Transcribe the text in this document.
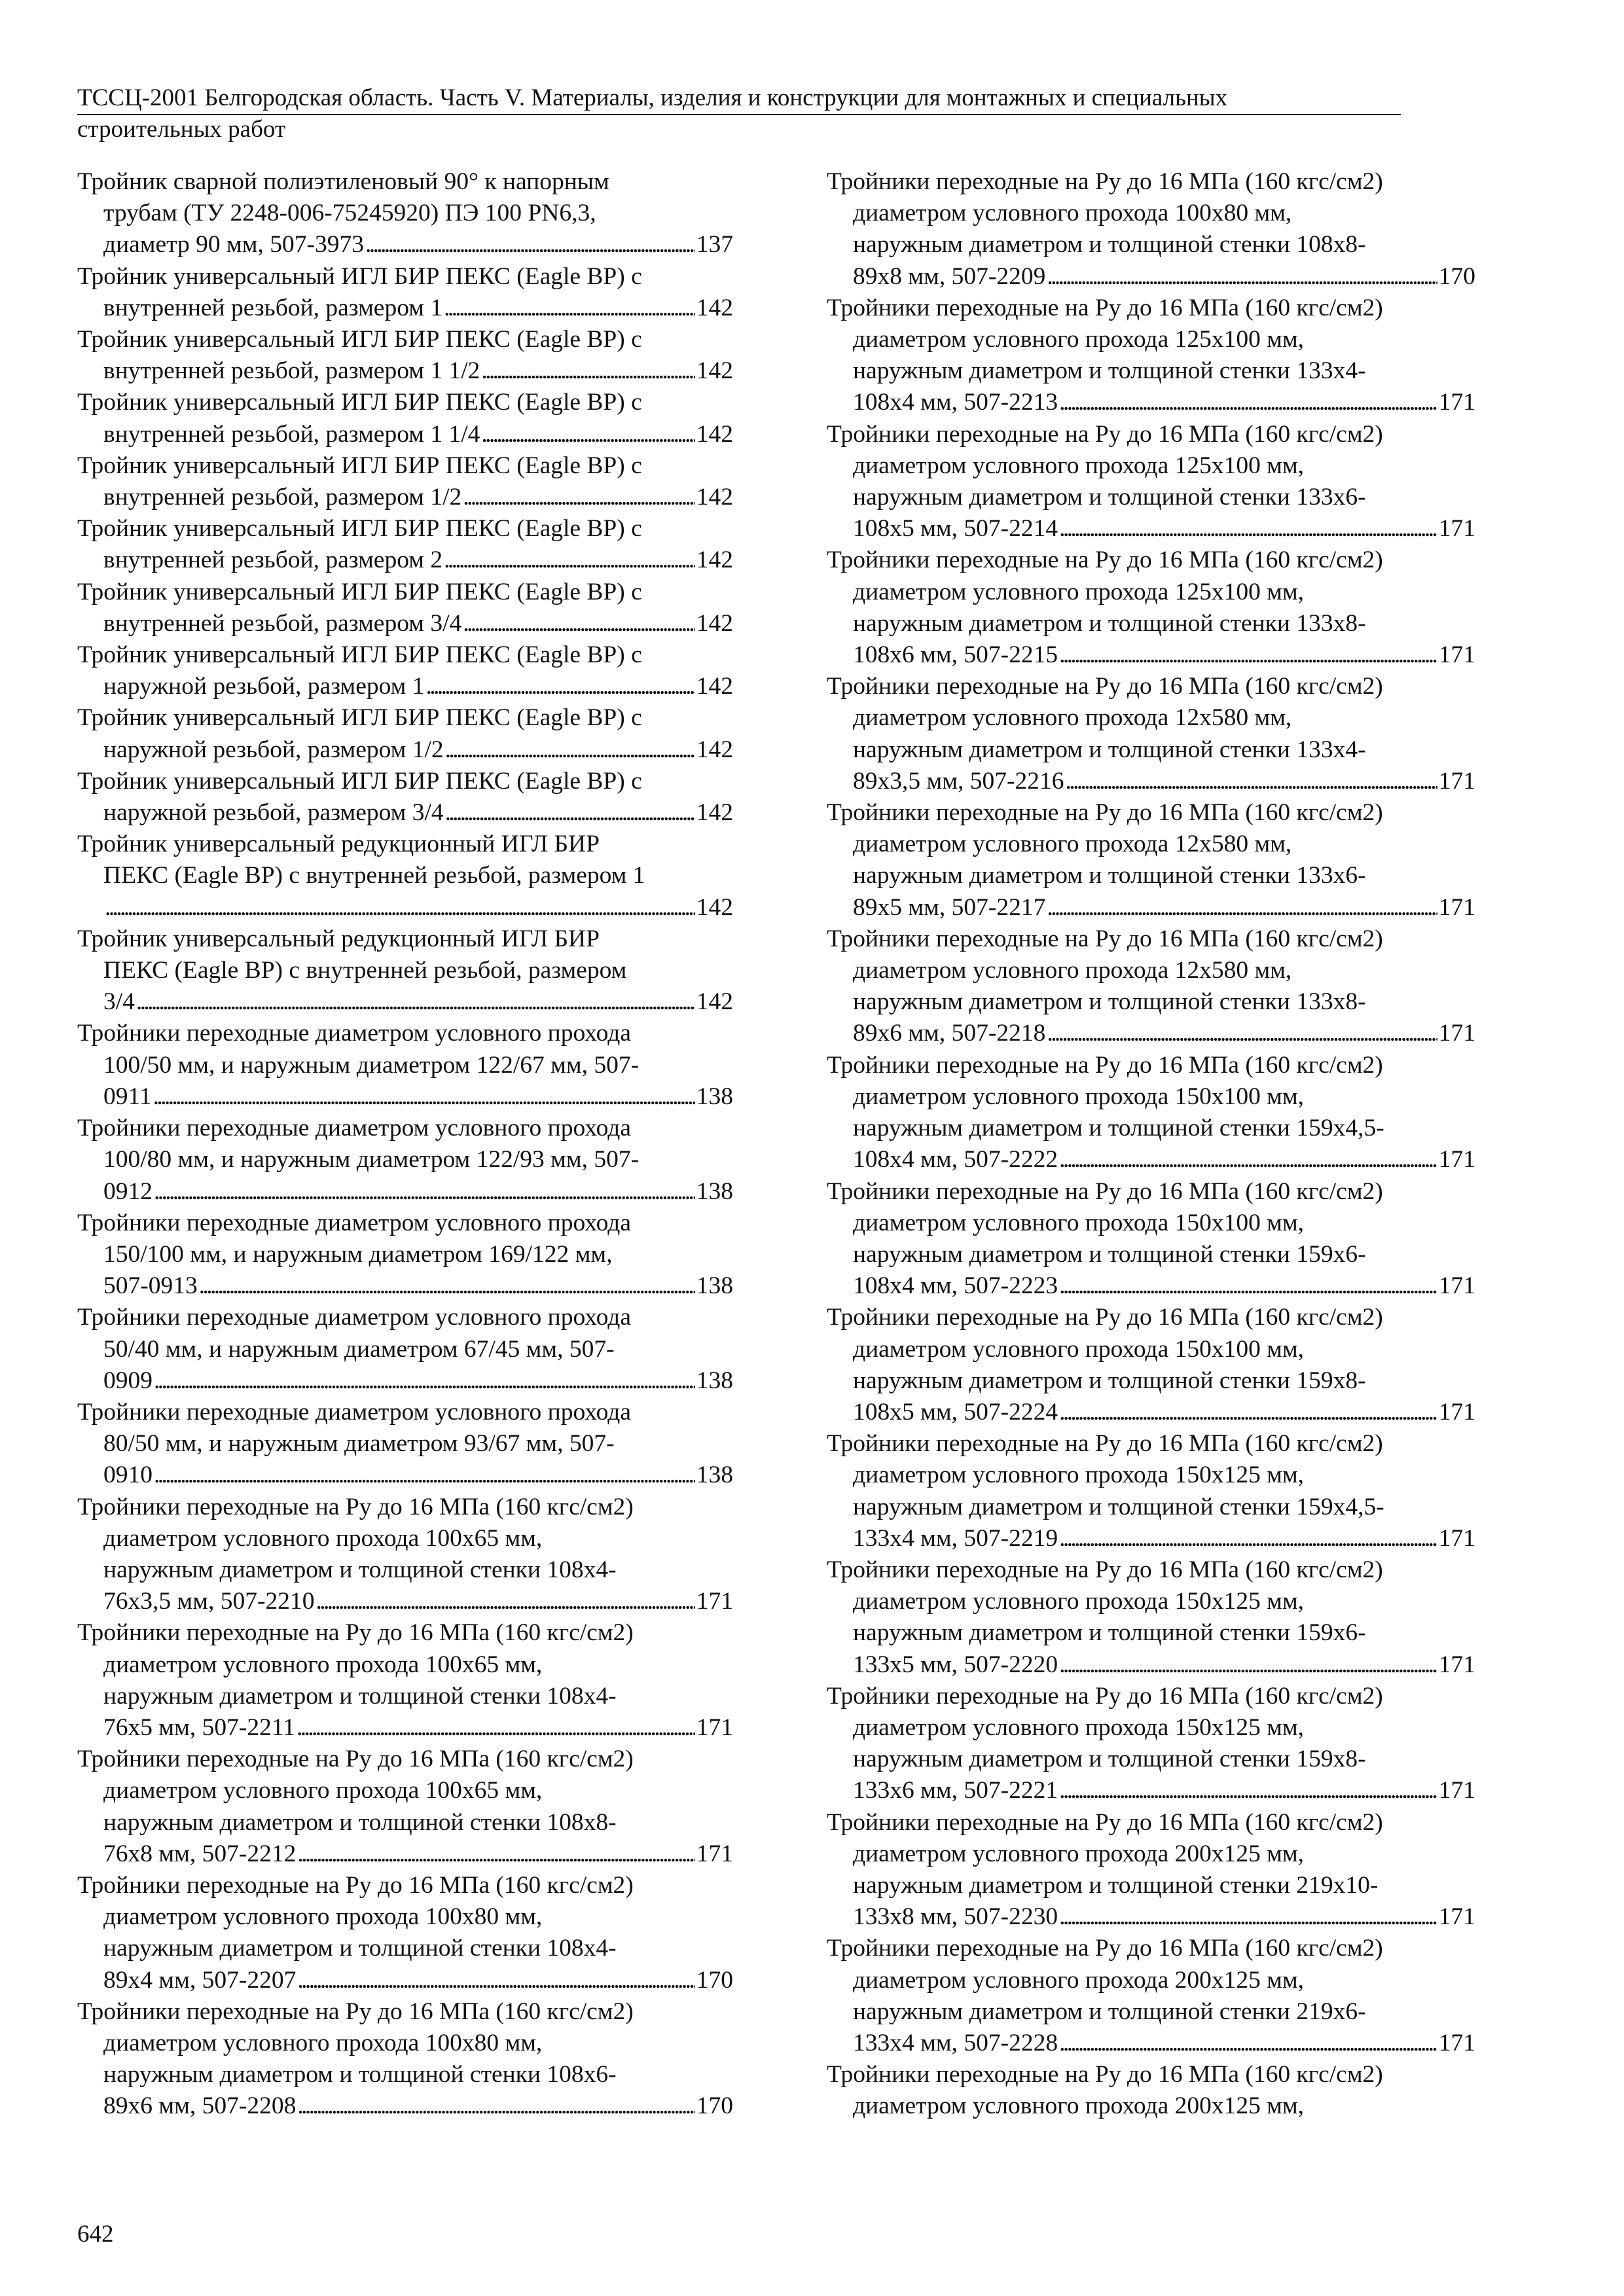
ТССЦ-2001 Белгородская область. Часть V. Материалы, изделия и конструкции для монтажных и специальных
строительных работ
Тройник сварной полиэтиленовый 90° к напорным
трубам (ТУ 2248-006-75245920) ПЭ 100 PN6,3,
диаметр 90 мм, 507-3973 . . .	137
Тройник универсальный ИГЛ БИР ПЕКС (Eagle BP) с
внутренней резьбой, размером 1 . . .	142
Тройник универсальный ИГЛ БИР ПЕКС (Eagle BP) с
внутренней резьбой, размером 1 1/2 . . .	142
Тройник универсальный ИГЛ БИР ПЕКС (Eagle BP) с
внутренней резьбой, размером 1 1/4 . . .	142
Тройник универсальный ИГЛ БИР ПЕКС (Eagle BP) с
внутренней резьбой, размером 1/2 . . .	142
Тройник универсальный ИГЛ БИР ПЕКС (Eagle BP) с
внутренней резьбой, размером 2 . . .	142
Тройник универсальный ИГЛ БИР ПЕКС (Eagle BP) с
внутренней резьбой, размером 3/4 . . .	142
Тройник универсальный ИГЛ БИР ПЕКС (Eagle BP) с
наружной резьбой, размером 1 . . .	142
Тройник универсальный ИГЛ БИР ПЕКС (Eagle BP) с
наружной резьбой, размером 1/2 . . .	142
Тройник универсальный ИГЛ БИР ПЕКС (Eagle BP) с
наружной резьбой, размером 3/4 . . .	142
Тройник универсальный редукционный ИГЛ БИР
ПЕКС (Eagle BP) с внутренней резьбой, размером 1
. . .
142
Тройник универсальный редукционный ИГЛ БИР
ПЕКС (Eagle BP) с внутренней резьбой, размером
3/4 . . .	142
Тройники переходные диаметром условного прохода
100/50 мм, и наружным диаметром 122/67 мм, 507-
0911 . . .	138
Тройники переходные диаметром условного прохода
100/80 мм, и наружным диаметром 122/93 мм, 507-
0912 . . .	138
Тройники переходные диаметром условного прохода
150/100 мм, и наружным диаметром 169/122 мм,
507-0913 . . .	138
Тройники переходные диаметром условного прохода
50/40 мм, и наружным диаметром 67/45 мм, 507-
0909 . . .	138
Тройники переходные диаметром условного прохода
80/50 мм, и наружным диаметром 93/67 мм, 507-
0910 . . .	138
Тройники переходные на Ру до 16 МПа (160 кгс/см2)
диаметром условного прохода 100х65 мм,
наружным диаметром и толщиной стенки 108х4-
76х3,5 мм, 507-2210 . . .	171
Тройники переходные на Ру до 16 МПа (160 кгс/см2)
диаметром условного прохода 100х65 мм,
наружным диаметром и толщиной стенки 108х4-
76х5 мм, 507-2211 . . .	171
Тройники переходные на Ру до 16 МПа (160 кгс/см2)
диаметром условного прохода 100х65 мм,
наружным диаметром и толщиной стенки 108х8-
76х8 мм, 507-2212 . . .	171
Тройники переходные на Ру до 16 МПа (160 кгс/см2)
диаметром условного прохода 100х80 мм,
наружным диаметром и толщиной стенки 108х4-
89х4 мм, 507-2207 . . .	170
Тройники переходные на Ру до 16 МПа (160 кгс/см2)
диаметром условного прохода 100х80 мм,
наружным диаметром и толщиной стенки 108х6-
89х6 мм, 507-2208 . . .	170
Тройники переходные на Ру до 16 МПа (160 кгс/см2)
диаметром условного прохода 100х80 мм,
наружным диаметром и толщиной стенки 108х8-
89х8 мм, 507-2209 . . .	170
Тройники переходные на Ру до 16 МПа (160 кгс/см2)
диаметром условного прохода 125х100 мм,
наружным диаметром и толщиной стенки 133х4-
108х4 мм, 507-2213 . . .	171
Тройники переходные на Ру до 16 МПа (160 кгс/см2)
диаметром условного прохода 125х100 мм,
наружным диаметром и толщиной стенки 133х6-
108х5 мм, 507-2214 . . .	171
Тройники переходные на Ру до 16 МПа (160 кгс/см2)
диаметром условного прохода 125х100 мм,
наружным диаметром и толщиной стенки 133х8-
108х6 мм, 507-2215 . . .	171
Тройники переходные на Ру до 16 МПа (160 кгс/см2)
диаметром условного прохода 12х580 мм,
наружным диаметром и толщиной стенки 133х4-
89х3,5 мм, 507-2216 . . .	171
Тройники переходные на Ру до 16 МПа (160 кгс/см2)
диаметром условного прохода 12х580 мм,
наружным диаметром и толщиной стенки 133х6-
89х5 мм, 507-2217 . . .	171
Тройники переходные на Ру до 16 МПа (160 кгс/см2)
диаметром условного прохода 12х580 мм,
наружным диаметром и толщиной стенки 133х8-
89х6 мм, 507-2218 . . .	171
Тройники переходные на Ру до 16 МПа (160 кгс/см2)
диаметром условного прохода 150х100 мм,
наружным диаметром и толщиной стенки 159х4,5-
108х4 мм, 507-2222 . . .	171
Тройники переходные на Ру до 16 МПа (160 кгс/см2)
диаметром условного прохода 150х100 мм,
наружным диаметром и толщиной стенки 159х6-
108х4 мм, 507-2223 . . .	171
Тройники переходные на Ру до 16 МПа (160 кгс/см2)
диаметром условного прохода 150х100 мм,
наружным диаметром и толщиной стенки 159х8-
108х5 мм, 507-2224 . . .	171
Тройники переходные на Ру до 16 МПа (160 кгс/см2)
диаметром условного прохода 150х125 мм,
наружным диаметром и толщиной стенки 159х4,5-
133х4 мм, 507-2219 . . .	171
Тройники переходные на Ру до 16 МПа (160 кгс/см2)
диаметром условного прохода 150х125 мм,
наружным диаметром и толщиной стенки 159х6-
133х5 мм, 507-2220 . . .	171
Тройники переходные на Ру до 16 МПа (160 кгс/см2)
диаметром условного прохода 150х125 мм,
наружным диаметром и толщиной стенки 159х8-
133х6 мм, 507-2221 . . .	171
Тройники переходные на Ру до 16 МПа (160 кгс/см2)
диаметром условного прохода 200х125 мм,
наружным диаметром и толщиной стенки 219х10-
133х8 мм, 507-2230 . . .	171
Тройники переходные на Ру до 16 МПа (160 кгс/см2)
диаметром условного прохода 200х125 мм,
наружным диаметром и толщиной стенки 219х6-
133х4 мм, 507-2228 . . .	171
Тройники переходные на Ру до 16 МПа (160 кгс/см2)
диаметром условного прохода 200х125 мм,
642
